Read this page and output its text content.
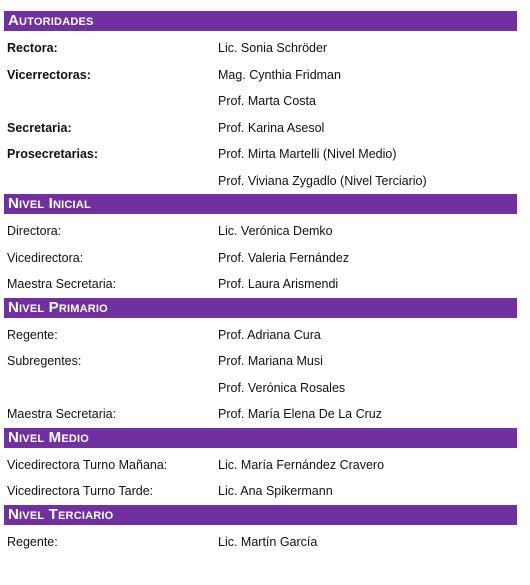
Autoridades
Rectora:	Lic. Sonia Schröder
Vicerrectoras:	Mag. Cynthia Fridman
Prof. Marta Costa
Secretaria:	Prof. Karina Asesol
Prosecretarias:	Prof. Mirta Martelli (Nivel Medio)
Prof. Viviana Zygadlo (Nivel Terciario)
Nivel Inicial
Directora:	Lic. Verónica Demko
Vicedirectora:	Prof. Valeria Fernández
Maestra Secretaria:	Prof. Laura Arismendi
Nivel Primario
Regente:	Prof. Adriana Cura
Subregentes:	Prof. Mariana Musi
Prof. Verónica Rosales
Maestra Secretaria:	Prof. María Elena De La Cruz
Nivel Medio
Vicedirectora Turno Mañana:	Lic. María Fernández Cravero
Vicedirectora Turno Tarde:	Lic. Ana Spikermann
Nivel Terciario
Regente:	Lic. Martín García
